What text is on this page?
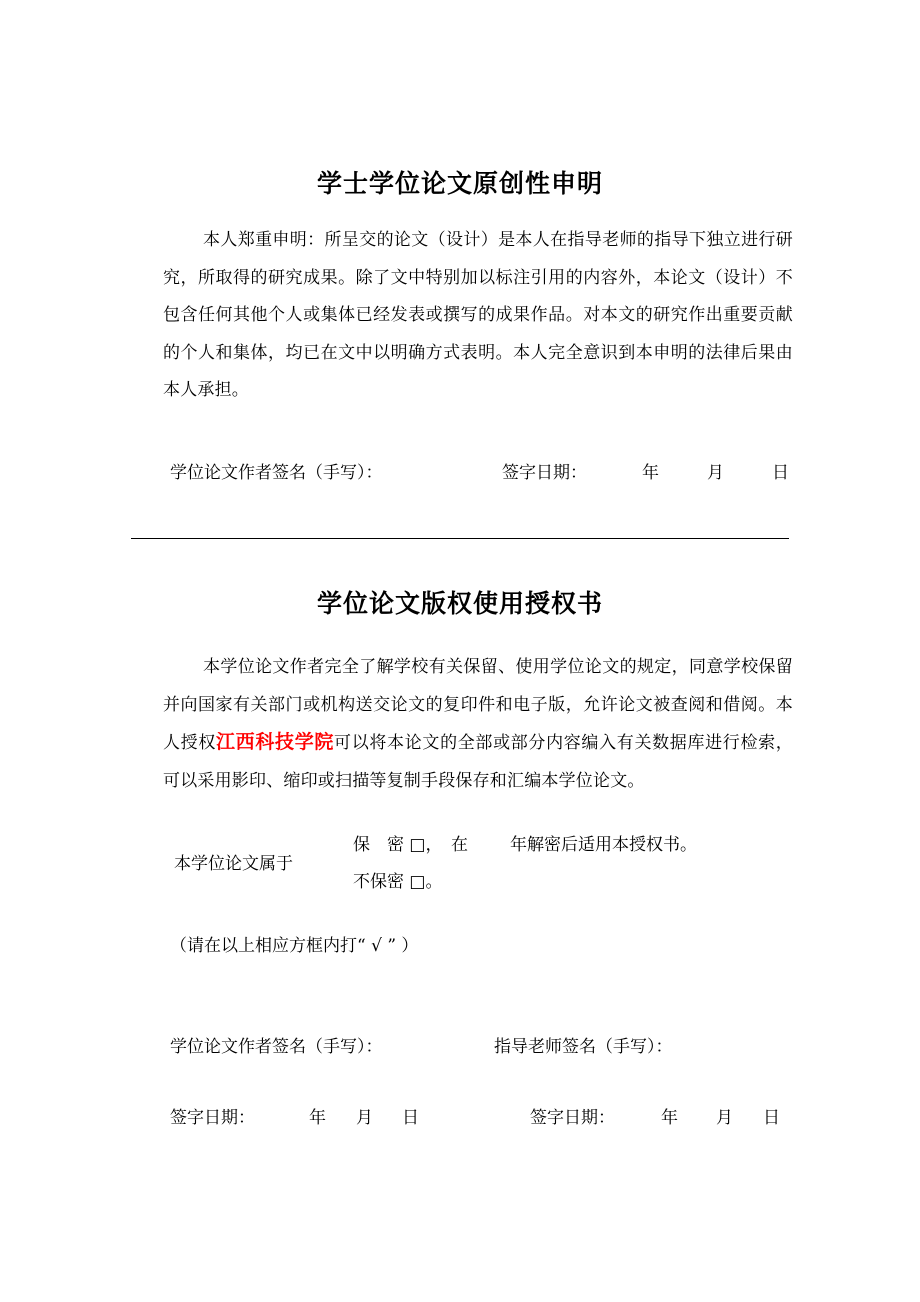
学士学位论文原创性申明
本人郑重申明：所呈交的论文（设计）是本人在指导老师的指导下独立进行研究，所取得的研究成果。除了文中特别加以标注引用的内容外，本论文（设计）不包含任何其他个人或集体已经发表或撰写的成果作品。对本文的研究作出重要贡献的个人和集体，均已在文中以明确方式表明。本人完全意识到本申明的法律后果由本人承担。
学位论文作者签名（手写）：	签字日期：	年	月	日
学位论文版权使用授权书
本学位论文作者完全了解学校有关保留、使用学位论文的规定，同意学校保留并向国家有关部门或机构送交论文的复印件和电子版，允许论文被查阅和借阅。本人授权江西科技学院可以将本论文的全部或部分内容编入有关数据库进行检索，可以采用影印、缩印或扫描等复制手段保存和汇编本学位论文。
本学位论文属于
保　密 □，　在 年解密后适用本授权书。
不保密 □。
（请在以上相应方框内打“ √ ” ）
学位论文作者签名（手写）：	指导老师签名（手写）：
签字日期：	年 月 日	签字日期：	年 月 日
